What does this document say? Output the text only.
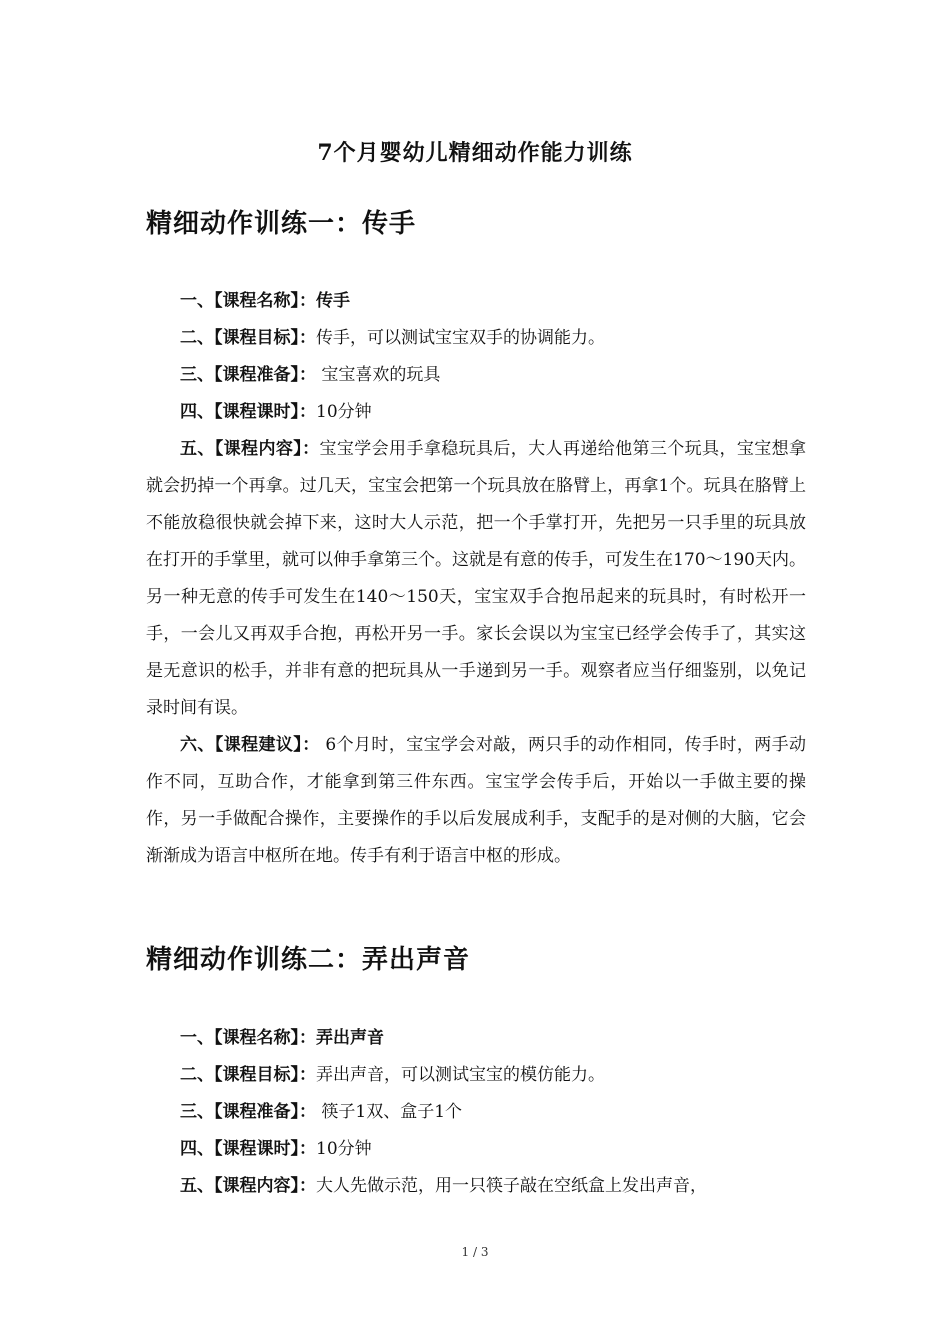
7个月婴幼儿精细动作能力训练
精细动作训练一：传手

一、【课程名称】：传手

二、【课程目标】：传手，可以测试宝宝双手的协调能力。

三、【课程准备】： 宝宝喜欢的玩具

四、【课程课时】：10分钟

五、【课程内容】：宝宝学会用手拿稳玩具后，大人再递给他第三个玩具，宝宝想拿就会扔掉一个再拿。过几天，宝宝会把第一个玩具放在胳臂上，再拿1个。玩具在胳臂上不能放稳很快就会掉下来，这时大人示范，把一个手掌打开，先把另一只手里的玩具放在打开的手掌里，就可以伸手拿第三个。这就是有意的传手，可发生在170～190天内。另一种无意的传手可发生在140～150天，宝宝双手合抱吊起来的玩具时，有时松开一手，一会儿又再双手合抱，再松开另一手。家长会误以为宝宝已经学会传手了，其实这是无意识的松手，并非有意的把玩具从一手递到另一手。观察者应当仔细鉴别，以免记录时间有误。

六、【课程建议】： 6个月时，宝宝学会对敲，两只手的动作相同，传手时，两手动作不同，互助合作，才能拿到第三件东西。宝宝学会传手后，开始以一手做主要的操作，另一手做配合操作，主要操作的手以后发展成利手，支配手的是对侧的大脑，它会渐渐成为语言中枢所在地。传手有利于语言中枢的形成。

精细动作训练二：弄出声音

一、【课程名称】：弄出声音

二、【课程目标】：弄出声音，可以测试宝宝的模仿能力。

三、【课程准备】： 筷子1双、盒子1个

四、【课程课时】：10分钟

五、【课程内容】：大人先做示范，用一只筷子敲在空纸盒上发出声音，

1 / 3
